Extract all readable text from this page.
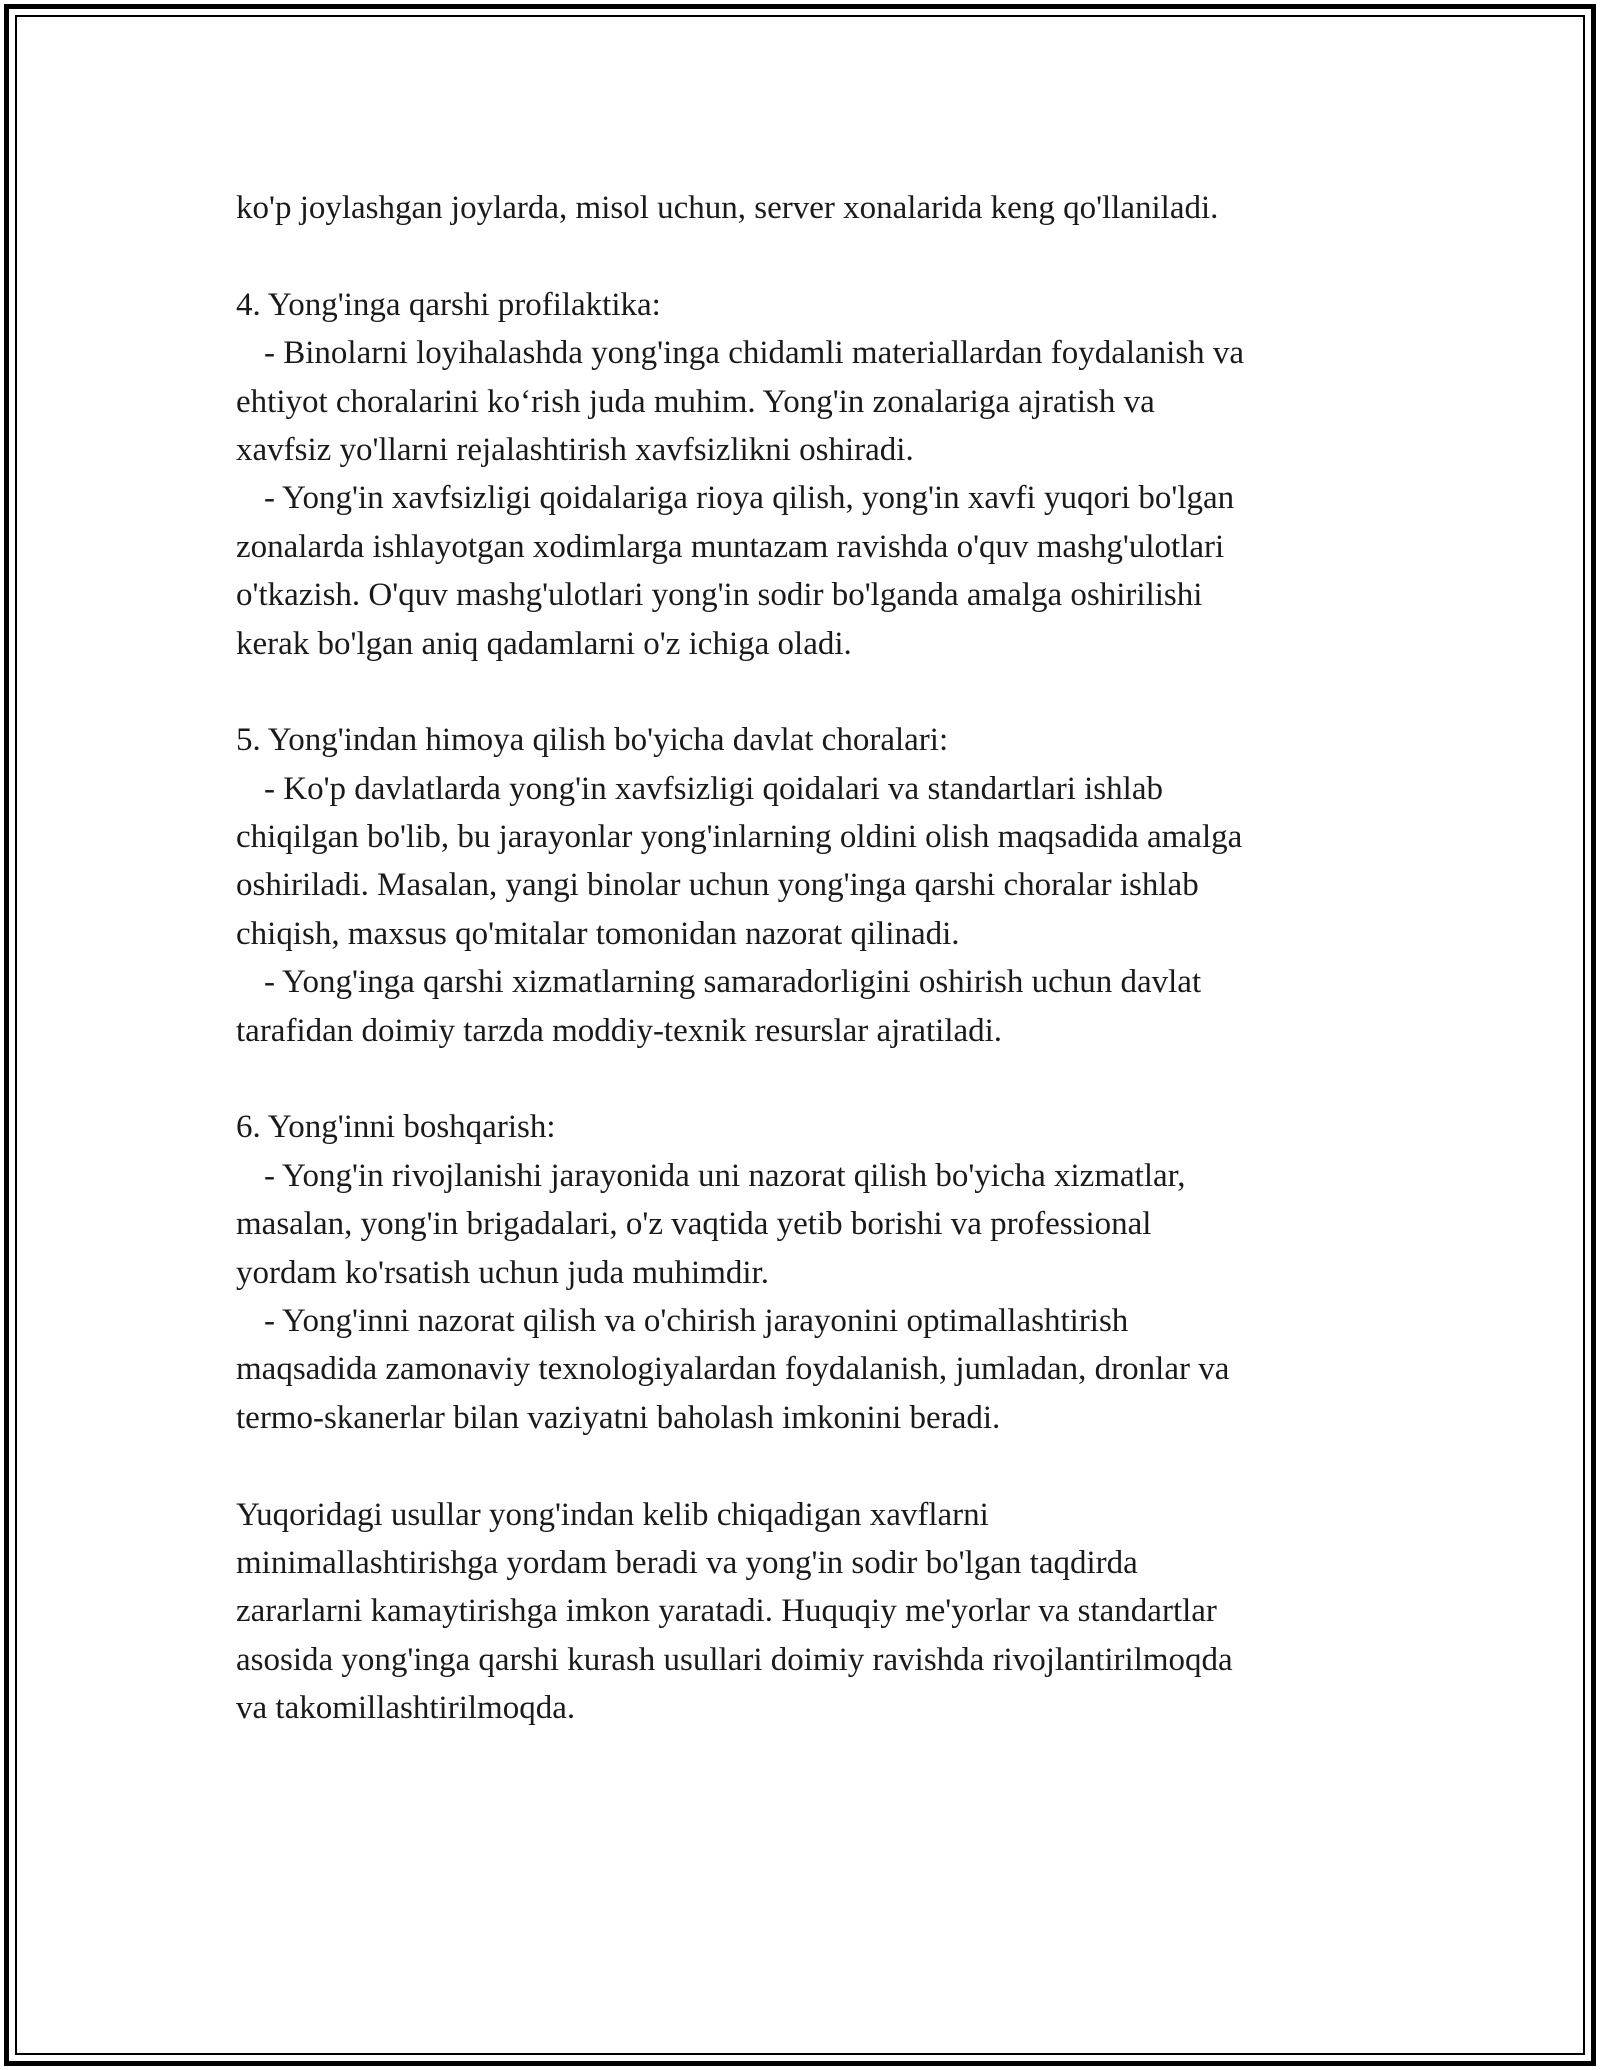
ko'p joylashgan joylarda, misol uchun, server xonalarida keng qo'llaniladi.
4. Yong'inga qarshi profilaktika:
- Binolarni loyihalashda yong'inga chidamli materiallardan foydalanish va
ehtiyot choralarini ko‘rish juda muhim. Yong'in zonalariga ajratish va
xavfsiz yo'llarni rejalashtirish xavfsizlikni oshiradi.
- Yong'in xavfsizligi qoidalariga rioya qilish, yong'in xavfi yuqori bo'lgan
zonalarda ishlayotgan xodimlarga muntazam ravishda o'quv mashg'ulotlari
o'tkazish. O'quv mashg'ulotlari yong'in sodir bo'lganda amalga oshirilishi
kerak bo'lgan aniq qadamlarni o'z ichiga oladi.
5. Yong'indan himoya qilish bo'yicha davlat choralari:
- Ko'p davlatlarda yong'in xavfsizligi qoidalari va standartlari ishlab
chiqilgan bo'lib, bu jarayonlar yong'inlarning oldini olish maqsadida amalga
oshiriladi. Masalan, yangi binolar uchun yong'inga qarshi choralar ishlab
chiqish, maxsus qo'mitalar tomonidan nazorat qilinadi.
- Yong'inga qarshi xizmatlarning samaradorligini oshirish uchun davlat
tarafidan doimiy tarzda moddiy-texnik resurslar ajratiladi.
6. Yong'inni boshqarish:
- Yong'in rivojlanishi jarayonida uni nazorat qilish bo'yicha xizmatlar,
masalan, yong'in brigadalari, o'z vaqtida yetib borishi va professional
yordam ko'rsatish uchun juda muhimdir.
- Yong'inni nazorat qilish va o'chirish jarayonini optimallashtirish
maqsadida zamonaviy texnologiyalardan foydalanish, jumladan, dronlar va
termo-skanerlar bilan vaziyatni baholash imkonini beradi.
Yuqoridagi usullar yong'indan kelib chiqadigan xavflarni
minimallashtirishga yordam beradi va yong'in sodir bo'lgan taqdirda
zararlarni kamaytirishga imkon yaratadi. Huquqiy me'yorlar va standartlar
asosida yong'inga qarshi kurash usullari doimiy ravishda rivojlantirilmoqda
va takomillashtirilmoqda.
